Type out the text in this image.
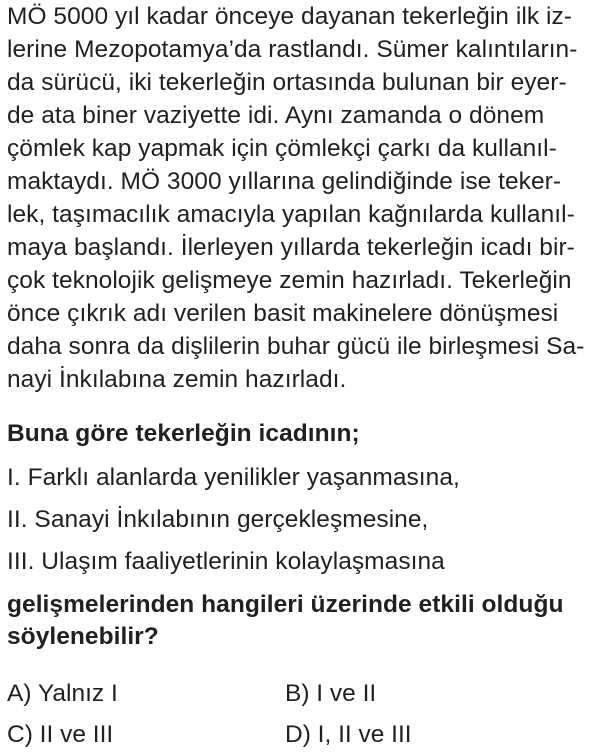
MÖ 5000 yıl kadar önceye dayanan tekerleğin ilk iz-
lerine Mezopotamya’da rastlandı. Sümer kalıntıların-
da sürücü, iki tekerleğin ortasında bulunan bir eyer-
de ata biner vaziyette idi. Aynı zamanda o dönem
çömlek kap yapmak için çömlekçi çarkı da kullanıl-
maktaydı. MÖ 3000 yıllarına gelindiğinde ise teker-
lek, taşımacılık amacıyla yapılan kağnılarda kullanıl-
maya başlandı. İlerleyen yıllarda tekerleğin icadı bir-
çok teknolojik gelişmeye zemin hazırladı. Tekerleğin
önce çıkrık adı verilen basit makinelere dönüşmesi
daha sonra da dişlilerin buhar gücü ile birleşmesi Sa-
nayi İnkılabına zemin hazırladı.
Buna göre tekerleğin icadının;
I. Farklı alanlarda yenilikler yaşanmasına,
II. Sanayi İnkılabının gerçekleşmesine,
III. Ulaşım faaliyetlerinin kolaylaşmasına
gelişmelerinden hangileri üzerinde etkili olduğu
söylenebilir?
A) Yalnız I	B) I ve II
C) II ve III	D) I, II ve III
